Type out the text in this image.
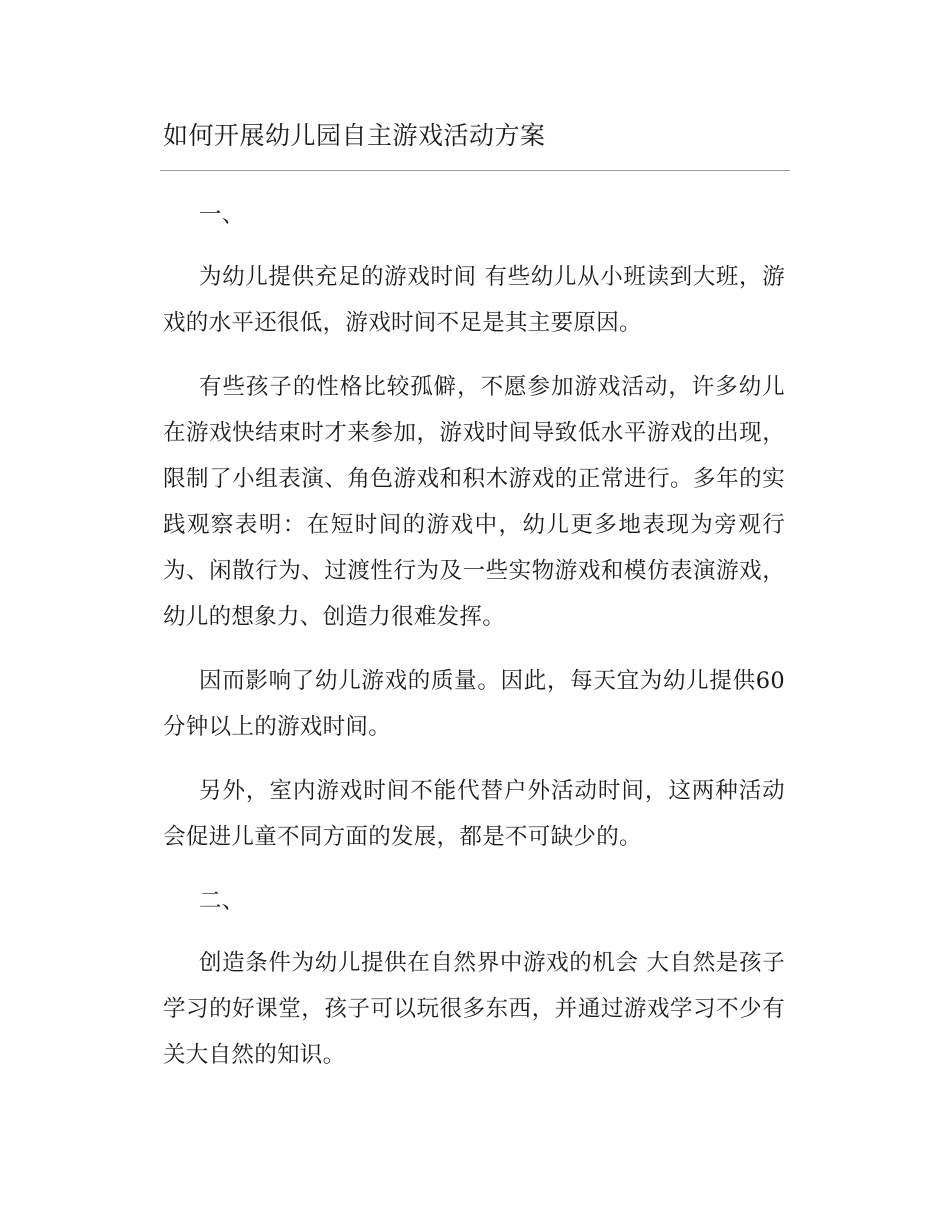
如何开展幼儿园自主游戏活动方案

一、

为幼儿提供充足的游戏时间 有些幼儿从小班读到大班，游戏的水平还很低，游戏时间不足是其主要原因。

有些孩子的性格比较孤僻，不愿参加游戏活动，许多幼儿在游戏快结束时才来参加，游戏时间导致低水平游戏的出现，限制了小组表演、角色游戏和积木游戏的正常进行。多年的实践观察表明：在短时间的游戏中，幼儿更多地表现为旁观行为、闲散行为、过渡性行为及一些实物游戏和模仿表演游戏，幼儿的想象力、创造力很难发挥。

因而影响了幼儿游戏的质量。因此，每天宜为幼儿提供60分钟以上的游戏时间。

另外，室内游戏时间不能代替户外活动时间，这两种活动会促进儿童不同方面的发展，都是不可缺少的。

二、

创造条件为幼儿提供在自然界中游戏的机会 大自然是孩子学习的好课堂，孩子可以玩很多东西，并通过游戏学习不少有关大自然的知识。
